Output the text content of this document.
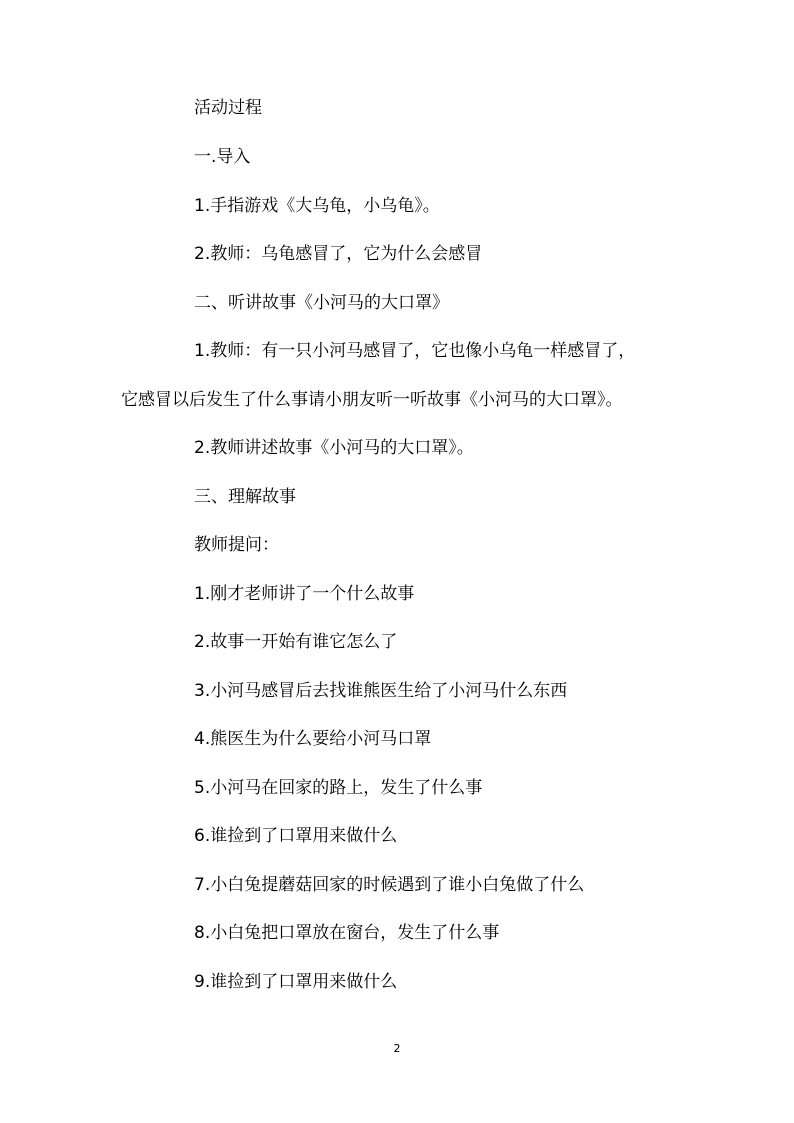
活动过程
一.导入
1.手指游戏《大乌龟，小乌龟》。
2.教师：乌龟感冒了，它为什么会感冒
二、听讲故事《小河马的大口罩》
1.教师：有一只小河马感冒了，它也像小乌龟一样感冒了，
它感冒以后发生了什么事请小朋友听一听故事《小河马的大口罩》。
2.教师讲述故事《小河马的大口罩》。
三、理解故事
教师提问：
1.刚才老师讲了一个什么故事
2.故事一开始有谁它怎么了
3.小河马感冒后去找谁熊医生给了小河马什么东西
4.熊医生为什么要给小河马口罩
5.小河马在回家的路上，发生了什么事
6.谁捡到了口罩用来做什么
7.小白兔提蘑菇回家的时候遇到了谁小白兔做了什么
8.小白兔把口罩放在窗台，发生了什么事
9.谁捡到了口罩用来做什么
2
